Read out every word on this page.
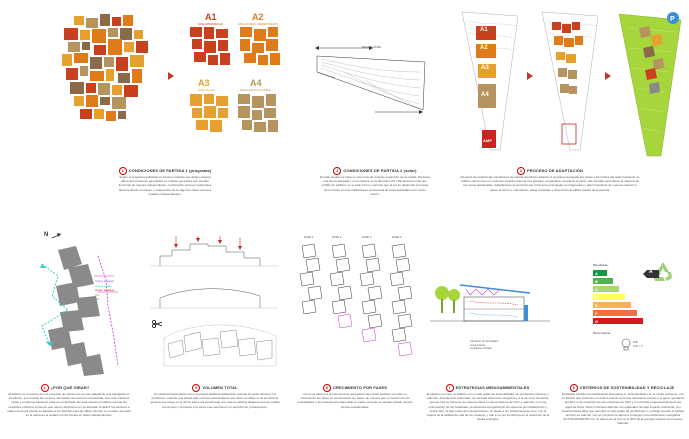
A1
ÁREA APRENDIZAJE
A2
ÁREA ACCESO / DEPARTAMENTO
A3
ÁREA TALLER
A4
ÁREA ESPACIO FLEXIBLE
1 CONDICIONES DE PARTIDA 1 (programa)
Según el programa solicitado se buscan módulos que deben integrar diferentes funciones agrupadas en 4 áreas generales que puedan funcionar de manera independiente, combinando accesos peatonales directos desde el exterior e independencia en algunos casos accesos rodados independientes.
ESCALA 1:5.000
2 CONDICIONES DE PARTIDA 2 (solar)
El solar elegido se sitúa en una zona de reciente expansión de la ciudad. Presenta una forma alargada y en pendiente en la dirección NO / SE (desnivel más que 2.000) sin edificios en el solar forma, mientras que al sur se desarrolla a lo largo de su borde con las edificaciones de Escuela de Artes Aplicadas como único vecino.
A1
A2
A3
A4
AMP
P
3 PROCESO DE ADAPTACIÓN
Después de analizar las condiciones de partida decidimos adaptar el programa agrupado por áreas a los límites del solar buscando un edificio stand (como es volumen central presenta tres plantas), longitudinal, ocupando la parte más elevada para liberar la mayoría de las zonas ajardinadas. Adaptándose al perímetro los volúmenes principales se fragmentan y giran buscando de manera natural su ajuste al terreno, orientación, vistas al paisaje y disposición al tráfico rodado de la parcela.
N
Acceso peatonal
Acceso rodado
Carga / descarga
Vial
Vial
4 ¿POR QUÉ GIRAR?
El edificio se compone de una sucesión de piezas que se van adaptando a la topografía en pendiente, que buscan las mejores interrelaciones para la conectividad, tener las máximas vistas y el aprovechamiento solar de su fachada. De esta manera el edificio cumple los requisitos prácticos al tiempo que ofrece dinamismo en su fachada. Al definir los accesos a cada una de las piezas se adaptan a los distintos ejes de tráfico del sitio en el solar, apoyado en la trama de la ciudad con los bordes en fases independientes.
5 VOLUMEN TOTAL
Un sistema fragmentado como el elegido facilita la adaptación puntual de cada volumen a lo pendiente, creando una planta baja continua descendiente que tiene su reflejo en la envolvente general que surge en el último tramo las piezas bajo una misma cubierta aleatoria que de unidad al conjunto y convierte a la pieza mas extensa en un ejercicio de yuxtaposición.
FASE 1	FASE 2	FASE 3	FASE 4
6 CRECIMIENTO POR FASES
Como ya sabemos la estructura de agregación de piezas flexibles, permite un crecimiento por fases en construcción por fases, de manera que en función de las necesidades y del presupuesto disponible en cada momento se pueden añadir nuevas piezas encadenadas.
colectores de fotovoltaica
masa térmica
ventilación cruzada
7 ESTRATEGIAS MEDIOAMBIENTALES
El objetivo es crear un Edificio con un alto grado de sostenibilidad, de producción eficiente y, además, directamente adecuado, de elevada eficiencia energética y a la vez muy funcional, que las tres se funcione de manera eficaz en las emisiones de CO2 y, además, con una optimización de los materiales, la eficiencia energética de los sistemas de instalaciones y, sobre todo, la bajo coste del mantenimiento, sin llegar a ser excesivamente caro, con la mejora de la calidad de vida de los usuarios, y que a su vez contribuya en la reducción de la huella ecológica.
Más eficiente
A
A
B
C
D
E
F
G
Menos eficiente
kWh
CO2 = 0
8 CRITERIOS DE SOSTENIBILIDAD Y RECICLAJE
El Edificio tendrá una Clasificación Energética A, será diseñado con el medio ambiente, con un Diseño que maximice el confort usando de forma racional la energía y el agua, ayudando también en la reducción de las emisiones de CO2 y a minimizar el aprovechamiento del agua de lluvia. Será construido además con materiales de bajo impacto ambiental, con características tales que permitan un alto grado de reutilización o reciclaje cuando el edificio termine su vida útil. Con el proyecto se aspira a conseguir una certificación energética AUTOSUFICIENTE con un ahorro de al menos el 40% de la energía respecto al consumo habitual.
